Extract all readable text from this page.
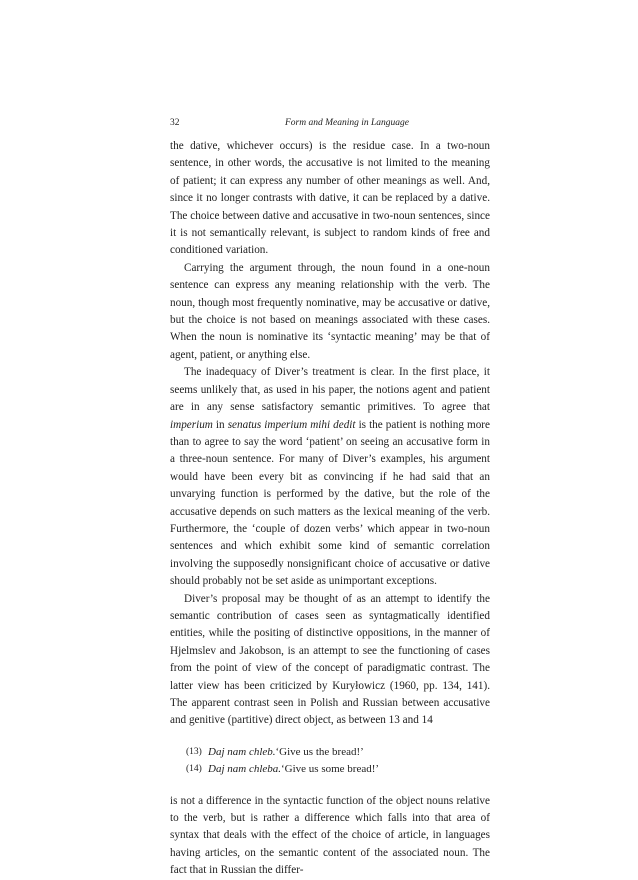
32	Form and Meaning in Language

the dative, whichever occurs) is the residue case. In a two-noun sentence, in other words, the accusative is not limited to the meaning of patient; it can express any number of other meanings as well. And, since it no longer contrasts with dative, it can be replaced by a dative. The choice between dative and accusative in two-noun sentences, since it is not semantically relevant, is subject to random kinds of free and conditioned variation.

Carrying the argument through, the noun found in a one-noun sentence can express any meaning relationship with the verb. The noun, though most frequently nominative, may be accusative or dative, but the choice is not based on meanings associated with these cases. When the noun is nominative its ‘syntactic meaning’ may be that of agent, patient, or anything else.

The inadequacy of Diver’s treatment is clear. In the first place, it seems unlikely that, as used in his paper, the notions agent and patient are in any sense satisfactory semantic primitives. To agree that imperium in senatus imperium mihi dedit is the patient is nothing more than to agree to say the word ‘patient’ on seeing an accusative form in a three-noun sentence. For many of Diver’s examples, his argument would have been every bit as convincing if he had said that an unvarying function is performed by the dative, but the role of the accusative depends on such matters as the lexical meaning of the verb. Furthermore, the ‘couple of dozen verbs’ which appear in two-noun sentences and which exhibit some kind of semantic correlation involving the supposedly nonsignificant choice of accusative or dative should probably not be set aside as unimportant exceptions.

Diver’s proposal may be thought of as an attempt to identify the semantic contribution of cases seen as syntagmatically identified entities, while the positing of distinctive oppositions, in the manner of Hjelmslev and Jakobson, is an attempt to see the functioning of cases from the point of view of the concept of paradigmatic contrast. The latter view has been criticized by Kuryłowicz (1960, pp. 134, 141). The apparent contrast seen in Polish and Russian between accusative and genitive (partitive) direct object, as between 13 and 14

(13) Daj nam chleb.‘Give us the bread!’
(14) Daj nam chleba.‘Give us some bread!’

is not a difference in the syntactic function of the object nouns relative to the verb, but is rather a difference which falls into that area of syntax that deals with the effect of the choice of article, in languages having articles, on the semantic content of the associated noun. The fact that in Russian the differ-
